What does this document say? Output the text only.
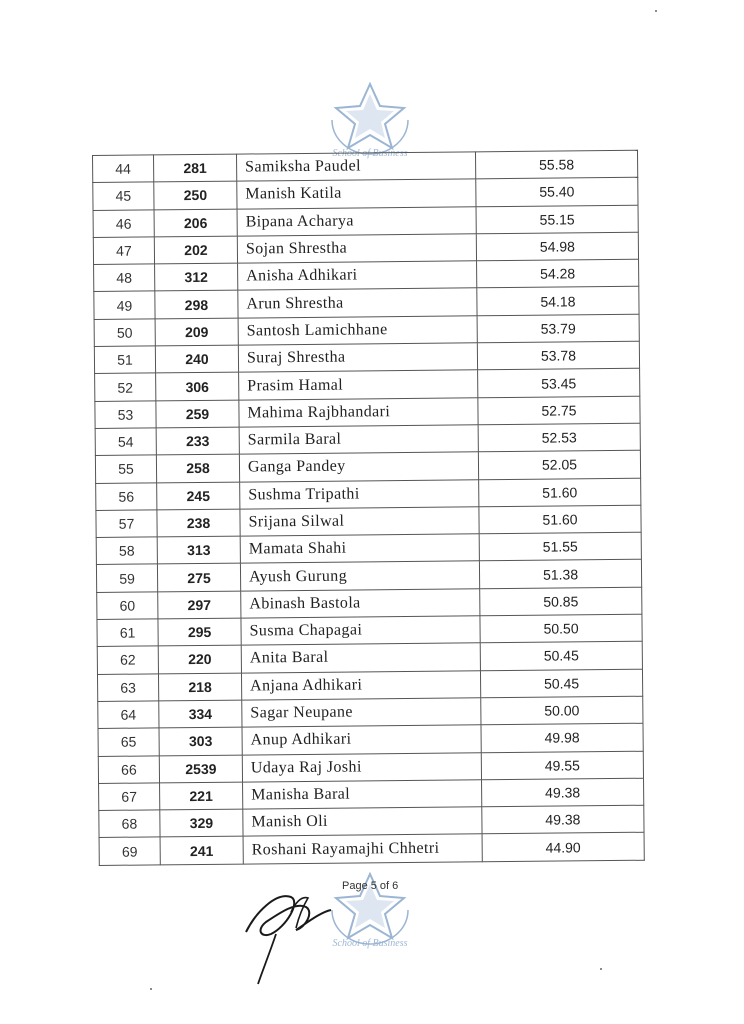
School of Business
44	281	Samiksha Paudel	55.58
45	250	Manish Katila	55.40
46	206	Bipana Acharya	55.15
47	202	Sojan Shrestha	54.98
48	312	Anisha Adhikari	54.28
49	298	Arun Shrestha	54.18
50	209	Santosh Lamichhane	53.79
51	240	Suraj Shrestha	53.78
52	306	Prasim Hamal	53.45
53	259	Mahima Rajbhandari	52.75
54	233	Sarmila Baral	52.53
55	258	Ganga Pandey	52.05
56	245	Sushma Tripathi	51.60
57	238	Srijana Silwal	51.60
58	313	Mamata Shahi	51.55
59	275	Ayush Gurung	51.38
60	297	Abinash Bastola	50.85
61	295	Susma Chapagai	50.50
62	220	Anita Baral	50.45
63	218	Anjana Adhikari	50.45
64	334	Sagar Neupane	50.00
65	303	Anup Adhikari	49.98
66	2539	Udaya Raj Joshi	49.55
67	221	Manisha Baral	49.38
68	329	Manish Oli	49.38
69	241	Roshani Rayamajhi Chhetri	44.90
School of Business
Page 5 of 6
